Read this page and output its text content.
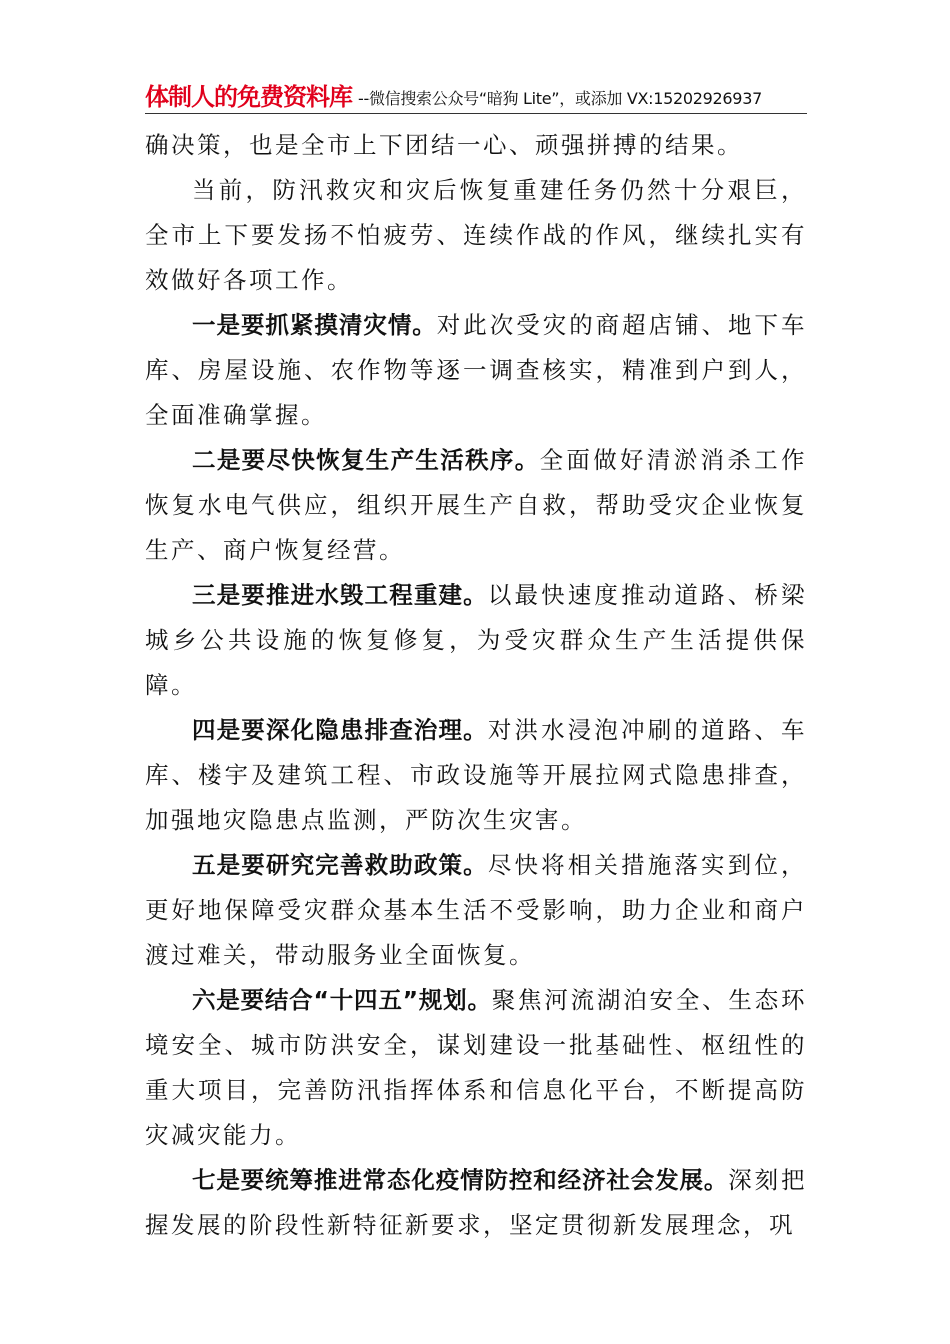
体制人的免费资料库 --微信搜索公众号“暗狗 Lite”，或添加 VX:15202926937

确决策，也是全市上下团结一心、顽强拼搏的结果。

当前，防汛救灾和灾后恢复重建任务仍然十分艰巨，全市上下要发扬不怕疲劳、连续作战的作风，继续扎实有效做好各项工作。

一是要抓紧摸清灾情。对此次受灾的商超店铺、地下车库、房屋设施、农作物等逐一调查核实，精准到户到人，全面准确掌握。

二是要尽快恢复生产生活秩序。全面做好清淤消杀工作恢复水电气供应，组织开展生产自救，帮助受灾企业恢复生产、商户恢复经营。

三是要推进水毁工程重建。以最快速度推动道路、桥梁城乡公共设施的恢复修复，为受灾群众生产生活提供保障。

四是要深化隐患排查治理。对洪水浸泡冲刷的道路、车库、楼宇及建筑工程、市政设施等开展拉网式隐患排查，加强地灾隐患点监测，严防次生灾害。

五是要研究完善救助政策。尽快将相关措施落实到位，更好地保障受灾群众基本生活不受影响，助力企业和商户渡过难关，带动服务业全面恢复。

六是要结合“十四五”规划。聚焦河流湖泊安全、生态环境安全、城市防洪安全，谋划建设一批基础性、枢纽性的重大项目，完善防汛指挥体系和信息化平台，不断提高防灾减灾能力。

七是要统筹推进常态化疫情防控和经济社会发展。深刻把握发展的阶段性新特征新要求，坚定贯彻新发展理念，巩
